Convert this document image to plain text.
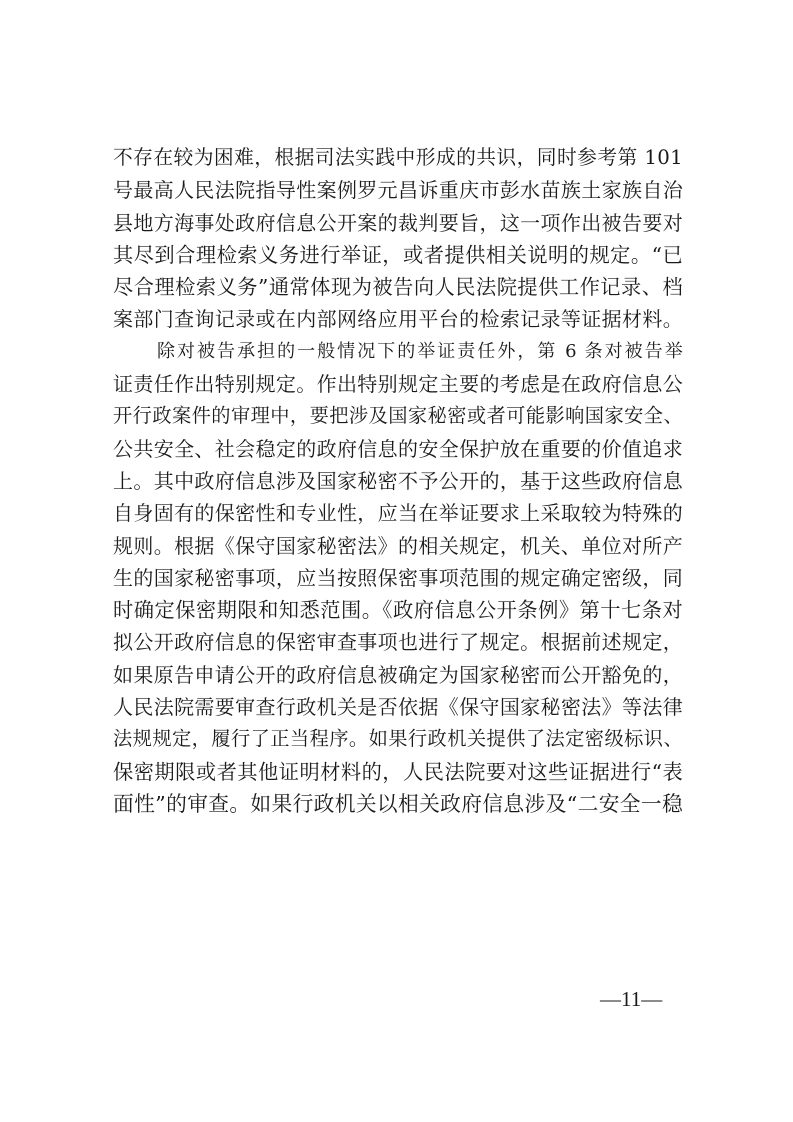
不存在较为困难，根据司法实践中形成的共识，同时参考第 101

号最高人民法院指导性案例罗元昌诉重庆市彭水苗族土家族自治

县地方海事处政府信息公开案的裁判要旨，这一项作出被告要对

其尽到合理检索义务进行举证，或者提供相关说明的规定。“已

尽合理检索义务”通常体现为被告向人民法院提供工作记录、档

案部门查询记录或在内部网络应用平台的检索记录等证据材料。

除对被告承担的一般情况下的举证责任外，第 6 条对被告举

证责任作出特别规定。作出特别规定主要的考虑是在政府信息公

开行政案件的审理中，要把涉及国家秘密或者可能影响国家安全、

公共安全、社会稳定的政府信息的安全保护放在重要的价值追求

上。其中政府信息涉及国家秘密不予公开的，基于这些政府信息

自身固有的保密性和专业性，应当在举证要求上采取较为特殊的

规则。根据《保守国家秘密法》的相关规定，机关、单位对所产

生的国家秘密事项，应当按照保密事项范围的规定确定密级，同

时确定保密期限和知悉范围。《政府信息公开条例》第十七条对

拟公开政府信息的保密审查事项也进行了规定。根据前述规定，

如果原告申请公开的政府信息被确定为国家秘密而公开豁免的，

人民法院需要审查行政机关是否依据《保守国家秘密法》等法律

法规规定，履行了正当程序。如果行政机关提供了法定密级标识、

保密期限或者其他证明材料的，人民法院要对这些证据进行“表

面性”的审查。如果行政机关以相关政府信息涉及“二安全一稳

—11—
